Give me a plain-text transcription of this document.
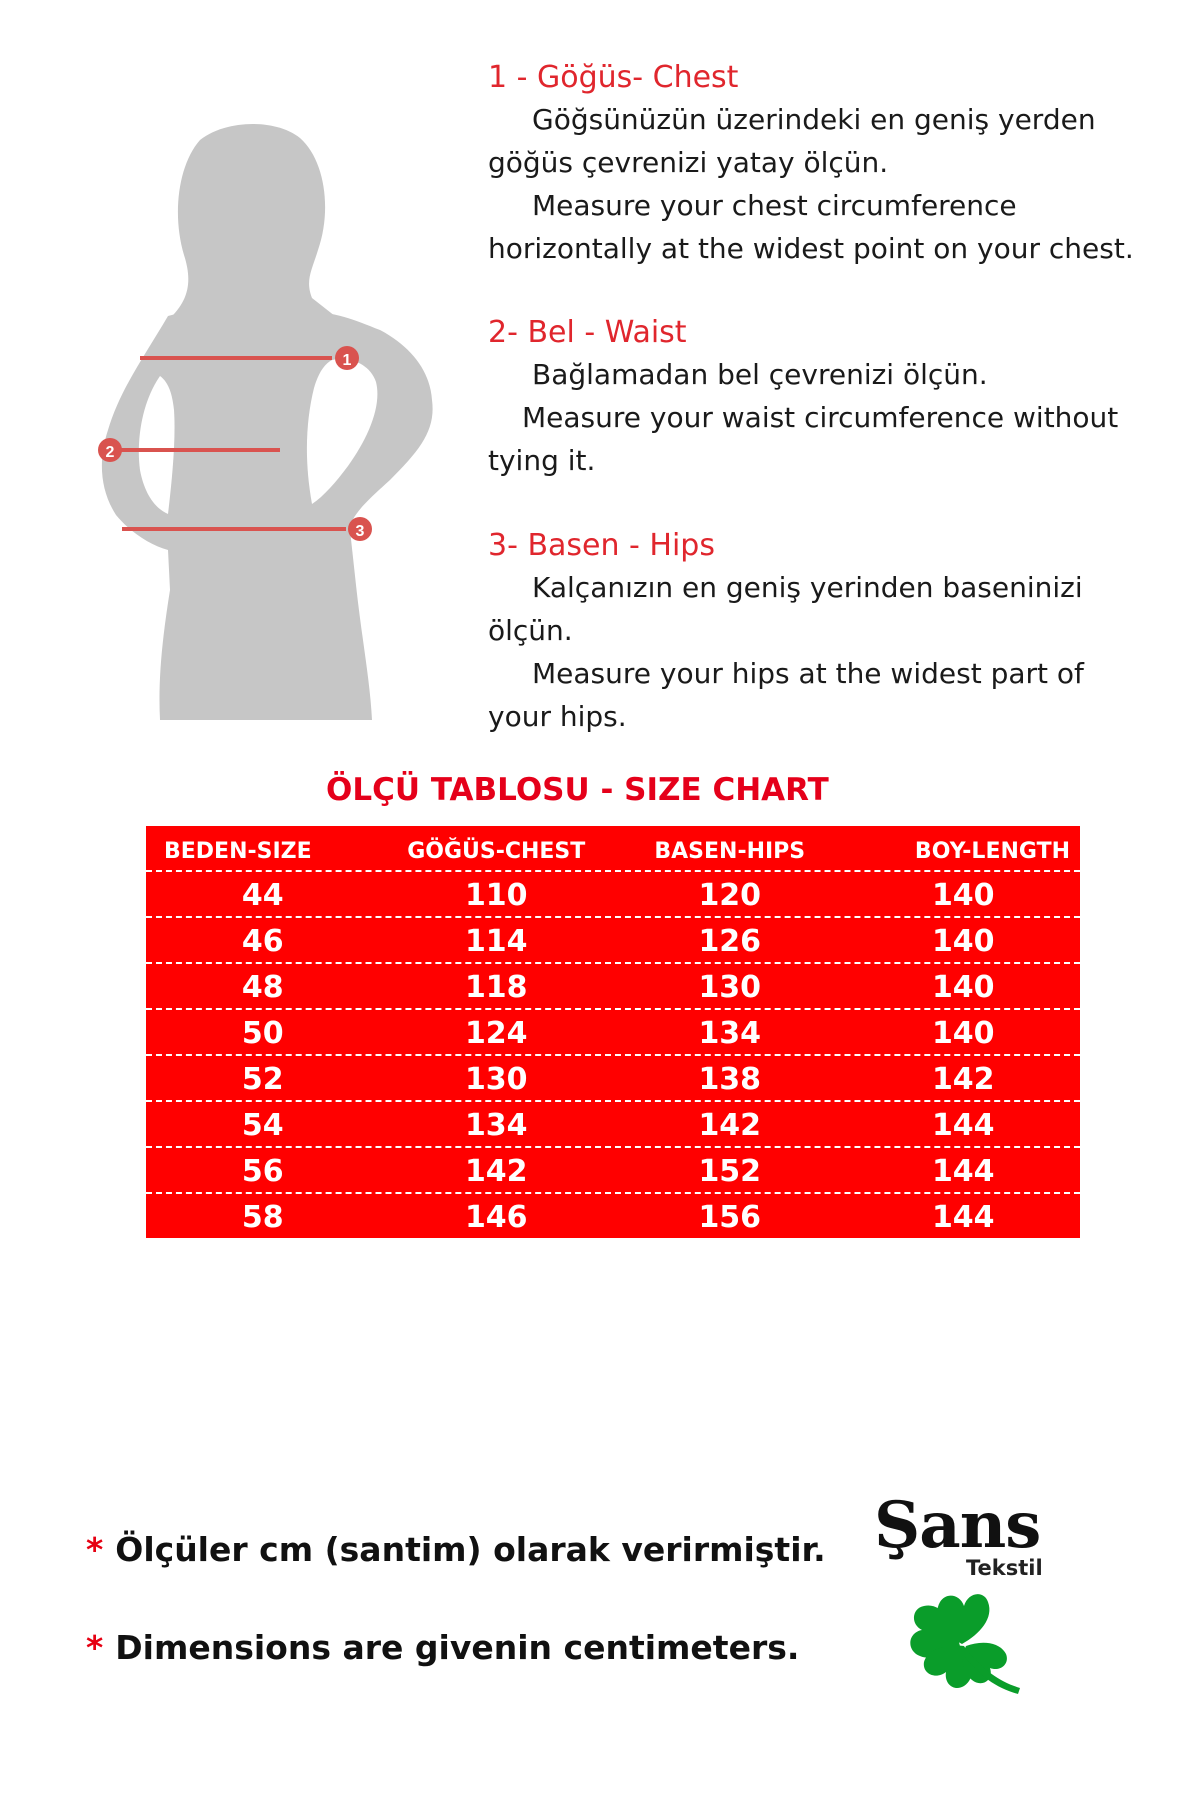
1
2
3
1 - Göğüs- Chest
Göğsünüzün üzerindeki en geniş yerden
göğüs çevrenizi yatay ölçün.
Measure your chest circumference
horizontally at the widest point on your chest.
2- Bel - Waist
Bağlamadan bel çevrenizi ölçün.
Measure your waist circumference without
tying it.
3- Basen - Hips
Kalçanızın en geniş yerinden baseninizi
ölçün.
Measure your hips at the widest part of
your hips.
ÖLÇÜ TABLOSU - SIZE CHART
BEDEN-SIZE	GÖĞÜS-CHEST	BASEN-HIPS	BOY-LENGTH
44	110	120	140
46	114	126	140
48	118	130	140
50	124	134	140
52	130	138	142
54	134	142	144
56	142	152	144
58	146	156	144
* Ölçüler cm (santim) olarak verirmiştir.
* Dimensions are givenin centimeters.
Şans
Tekstil
